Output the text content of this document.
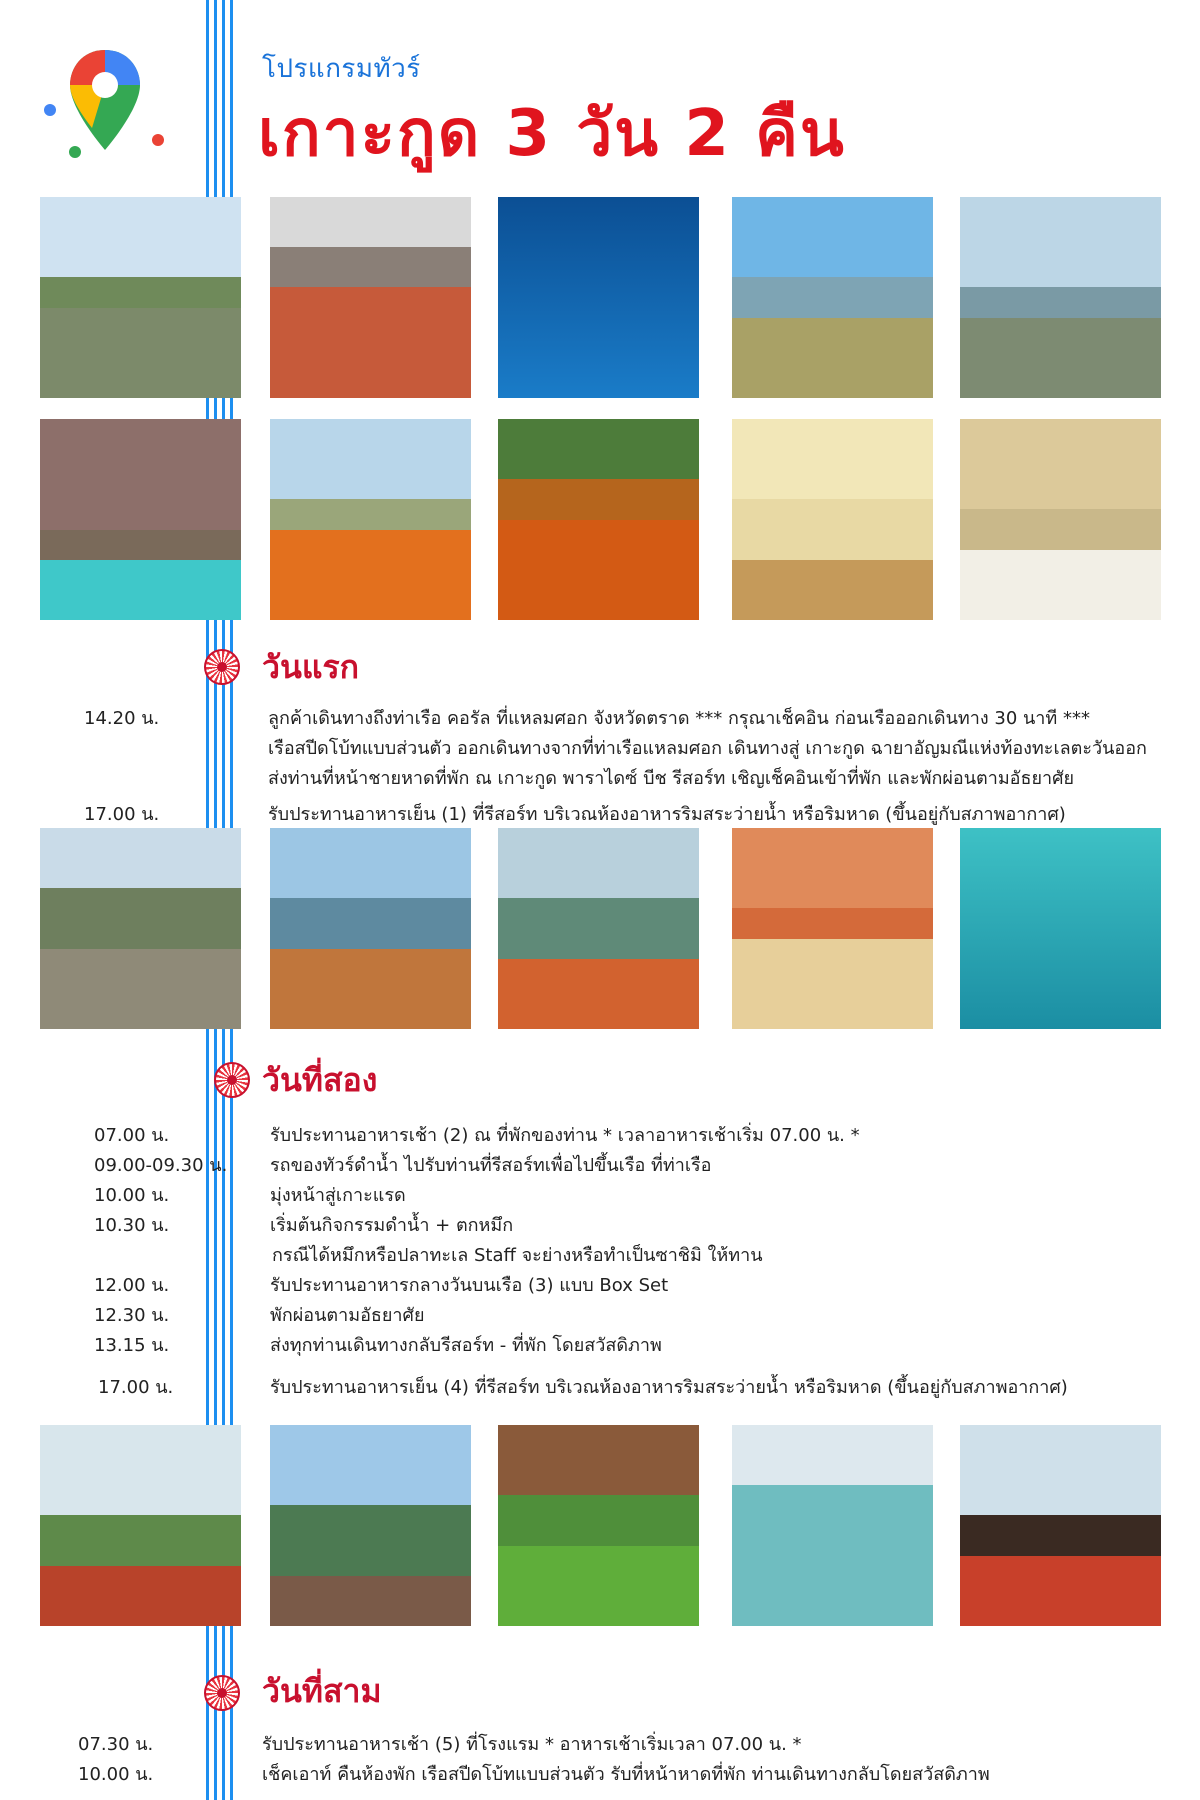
โปรแกรมทัวร์
เกาะกูด 3 วัน 2 คืน
วันแรก
14.20 น.	ลูกค้าเดินทางถึงท่าเรือ คอรัล ที่แหลมศอก จังหวัดตราด *** กรุณาเช็คอิน ก่อนเรือออกเดินทาง 30 นาที ***
เรือสปีดโบ้ทแบบส่วนตัว ออกเดินทางจากที่ท่าเรือแหลมศอก เดินทางสู่ เกาะกูด ฉายาอัญมณีแห่งท้องทะเลตะวันออก
ส่งท่านที่หน้าชายหาดที่พัก ณ เกาะกูด พาราไดซ์ บีช รีสอร์ท เชิญเช็คอินเข้าที่พัก และพักผ่อนตามอัธยาศัย
17.00 น.	รับประทานอาหารเย็น (1) ที่รีสอร์ท บริเวณห้องอาหารริมสระว่ายน้ำ หรือริมหาด (ขึ้นอยู่กับสภาพอากาศ)
วันที่สอง
07.00 น.	รับประทานอาหารเช้า (2) ณ ที่พักของท่าน * เวลาอาหารเช้าเริ่ม 07.00 น. *
09.00-09.30 น. รถของทัวร์ดำน้ำ ไปรับท่านที่รีสอร์ทเพื่อไปขึ้นเรือ ที่ท่าเรือ
10.00 น.	มุ่งหน้าสู่เกาะแรด
10.30 น.	เริ่มต้นกิจกรรมดำน้ำ + ตกหมึก
กรณีได้หมึกหรือปลาทะเล Staff จะย่างหรือทำเป็นซาชิมิ ให้ทาน
12.00 น.	รับประทานอาหารกลางวันบนเรือ (3) แบบ Box Set
12.30 น.	พักผ่อนตามอัธยาศัย
13.15 น.	ส่งทุกท่านเดินทางกลับรีสอร์ท - ที่พัก โดยสวัสดิภาพ
17.00 น.	รับประทานอาหารเย็น (4) ที่รีสอร์ท บริเวณห้องอาหารริมสระว่ายน้ำ หรือริมหาด (ขึ้นอยู่กับสภาพอากาศ)
วันที่สาม
07.30 น.	รับประทานอาหารเช้า (5) ที่โรงแรม * อาหารเช้าเริ่มเวลา 07.00 น. *
10.00 น.	เช็คเอาท์ คืนห้องพัก เรือสปีดโบ้ทแบบส่วนตัว รับที่หน้าหาดที่พัก ท่านเดินทางกลับโดยสวัสดิภาพ
